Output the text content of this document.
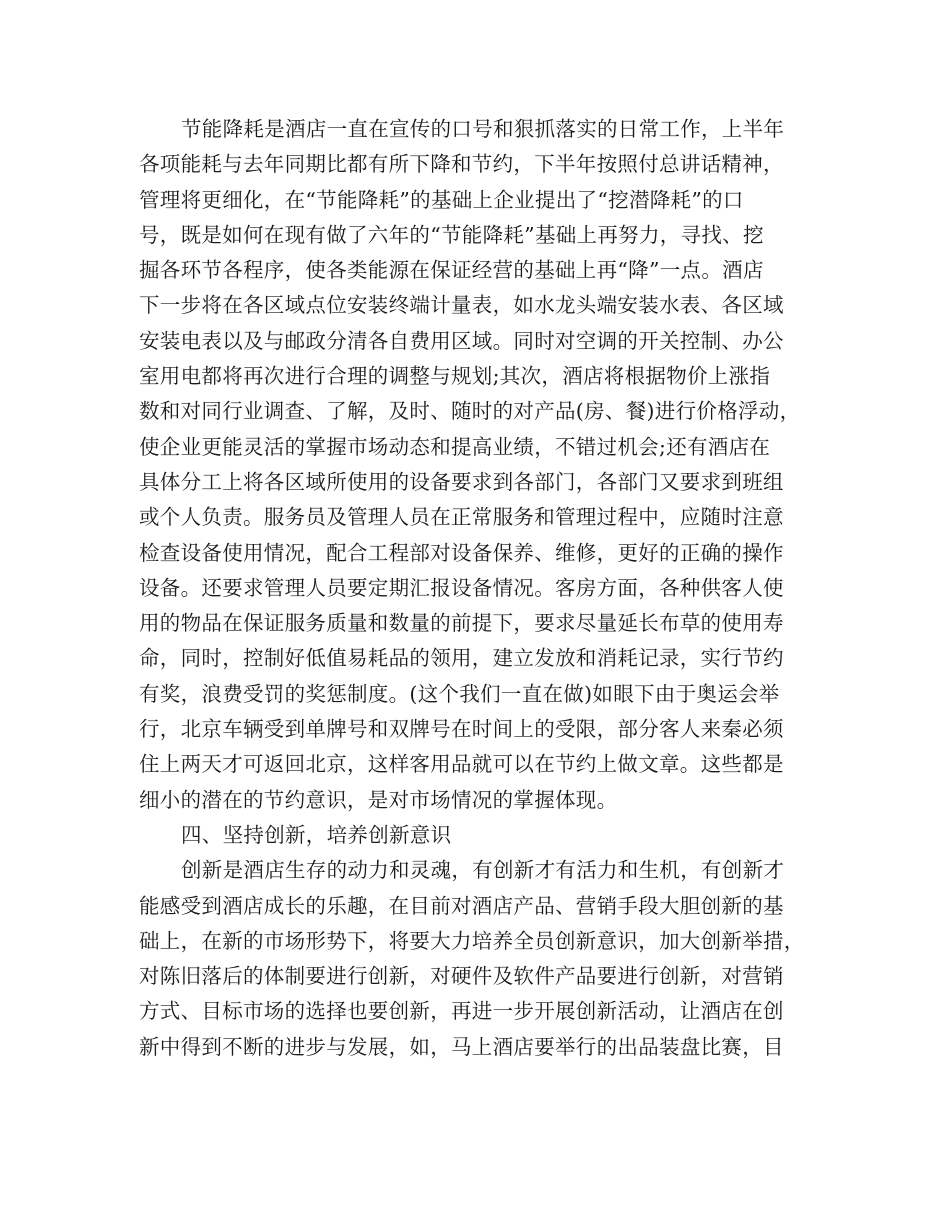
节能降耗是酒店一直在宣传的口号和狠抓落实的日常工作，上半年
各项能耗与去年同期比都有所下降和节约，下半年按照付总讲话精神，
管理将更细化，在“节能降耗”的基础上企业提出了“挖潜降耗”的口
号，既是如何在现有做了六年的“节能降耗”基础上再努力，寻找、挖
掘各环节各程序，使各类能源在保证经营的基础上再“降”一点。酒店
下一步将在各区域点位安装终端计量表，如水龙头端安装水表、各区域
安装电表以及与邮政分清各自费用区域。同时对空调的开关控制、办公
室用电都将再次进行合理的调整与规划;其次，酒店将根据物价上涨指
数和对同行业调查、了解，及时、随时的对产品(房、餐)进行价格浮动，
使企业更能灵活的掌握市场动态和提高业绩，不错过机会;还有酒店在
具体分工上将各区域所使用的设备要求到各部门，各部门又要求到班组
或个人负责。服务员及管理人员在正常服务和管理过程中，应随时注意
检查设备使用情况，配合工程部对设备保养、维修，更好的正确的操作
设备。还要求管理人员要定期汇报设备情况。客房方面，各种供客人使
用的物品在保证服务质量和数量的前提下，要求尽量延长布草的使用寿
命，同时，控制好低值易耗品的领用，建立发放和消耗记录，实行节约
有奖，浪费受罚的奖惩制度。(这个我们一直在做)如眼下由于奥运会举
行，北京车辆受到单牌号和双牌号在时间上的受限，部分客人来秦必须
住上两天才可返回北京，这样客用品就可以在节约上做文章。这些都是
细小的潜在的节约意识，是对市场情况的掌握体现。
四、坚持创新，培养创新意识
创新是酒店生存的动力和灵魂，有创新才有活力和生机，有创新才
能感受到酒店成长的乐趣，在目前对酒店产品、营销手段大胆创新的基
础上，在新的市场形势下，将要大力培养全员创新意识，加大创新举措，
对陈旧落后的体制要进行创新，对硬件及软件产品要进行创新，对营销
方式、目标市场的选择也要创新，再进一步开展创新活动，让酒店在创
新中得到不断的进步与发展，如，马上酒店要举行的出品装盘比赛，目
